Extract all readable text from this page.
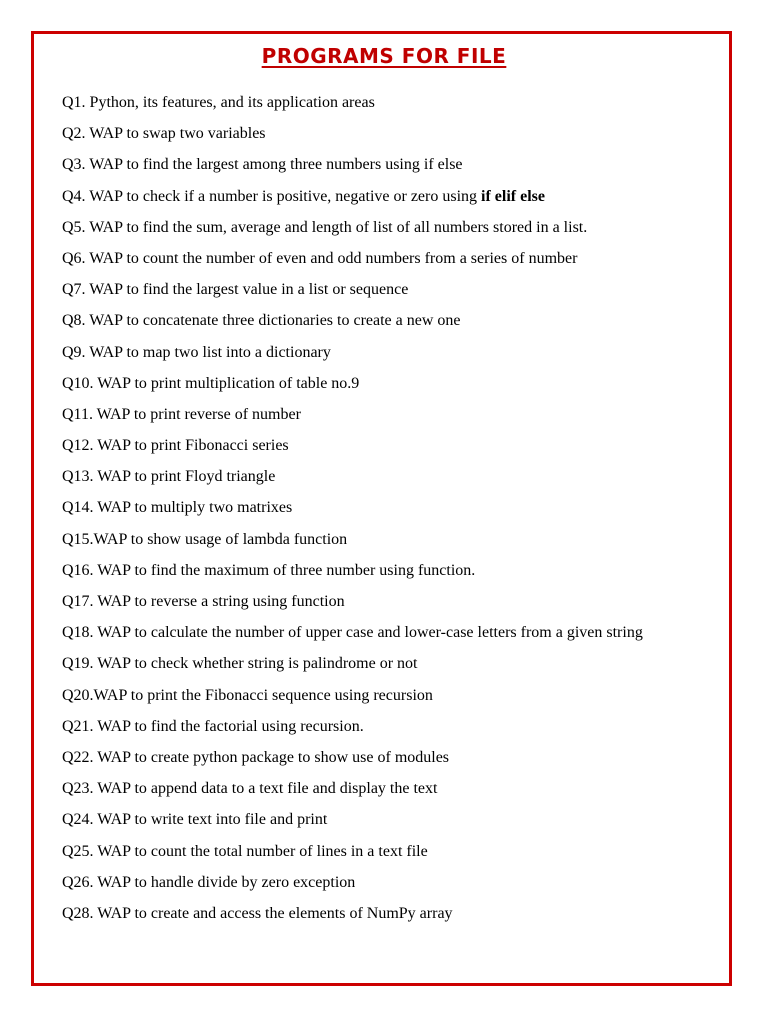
PROGRAMS FOR FILE
Q1. Python, its features, and its application areas
Q2. WAP to swap two variables
Q3. WAP to find the largest among three numbers using if else
Q4. WAP to check if a number is positive, negative or zero using if elif else
Q5. WAP to find the sum, average and length of list of all numbers stored in a list.
Q6. WAP to count the number of even and odd numbers from a series of number
Q7. WAP to find the largest value in a list or sequence
Q8. WAP to concatenate three dictionaries to create a new one
Q9. WAP to map two list into a dictionary
Q10. WAP to print multiplication of table no.9
Q11. WAP to print reverse of number
Q12. WAP to print Fibonacci series
Q13. WAP to print Floyd triangle
Q14. WAP to multiply two matrixes
Q15.WAP to show usage of lambda function
Q16. WAP to find the maximum of three number using function.
Q17. WAP to reverse a string using function
Q18. WAP to calculate the number of upper case and lower-case letters from a given string
Q19. WAP to check whether string is palindrome or not
Q20.WAP to print the Fibonacci sequence using recursion
Q21. WAP to find the factorial using recursion.
Q22. WAP to create python package to show use of modules
Q23. WAP to append data to a text file and display the text
Q24. WAP to write text into file and print
Q25. WAP to count the total number of lines in a text file
Q26. WAP to handle divide by zero exception
Q28. WAP to create and access the elements of NumPy array
